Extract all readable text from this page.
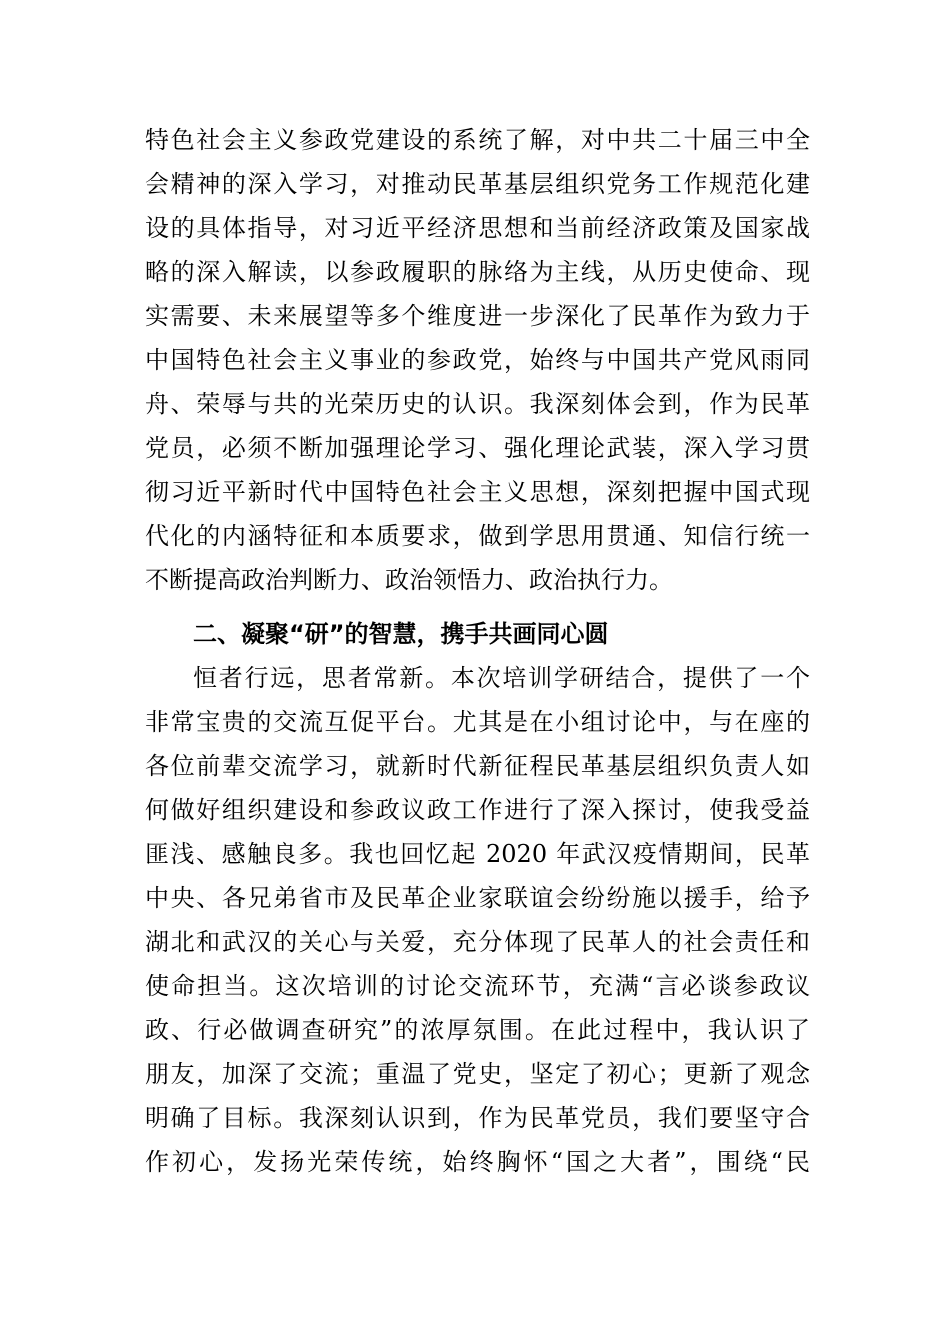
特色社会主义参政党建设的系统了解，对中共二十届三中全
会精神的深入学习，对推动民革基层组织党务工作规范化建
设的具体指导，对习近平经济思想和当前经济政策及国家战
略的深入解读，以参政履职的脉络为主线，从历史使命、现
实需要、未来展望等多个维度进一步深化了民革作为致力于
中国特色社会主义事业的参政党，始终与中国共产党风雨同
舟、荣辱与共的光荣历史的认识。我深刻体会到，作为民革
党员，必须不断加强理论学习、强化理论武装，深入学习贯
彻习近平新时代中国特色社会主义思想，深刻把握中国式现
代化的内涵特征和本质要求，做到学思用贯通、知信行统一
不断提高政治判断力、政治领悟力、政治执行力。
二、凝聚“研”的智慧，携手共画同心圆
恒者行远，思者常新。本次培训学研结合，提供了一个
非常宝贵的交流互促平台。尤其是在小组讨论中，与在座的
各位前辈交流学习，就新时代新征程民革基层组织负责人如
何做好组织建设和参政议政工作进行了深入探讨，使我受益
匪浅、感触良多。我也回忆起 2020 年武汉疫情期间，民革
中央、各兄弟省市及民革企业家联谊会纷纷施以援手，给予
湖北和武汉的关心与关爱，充分体现了民革人的社会责任和
使命担当。这次培训的讨论交流环节，充满“言必谈参政议
政、行必做调查研究”的浓厚氛围。在此过程中，我认识了
朋友，加深了交流；重温了党史，坚定了初心；更新了观念
明确了目标。我深刻认识到，作为民革党员，我们要坚守合
作初心，发扬光荣传统，始终胸怀“国之大者”，围绕“民
